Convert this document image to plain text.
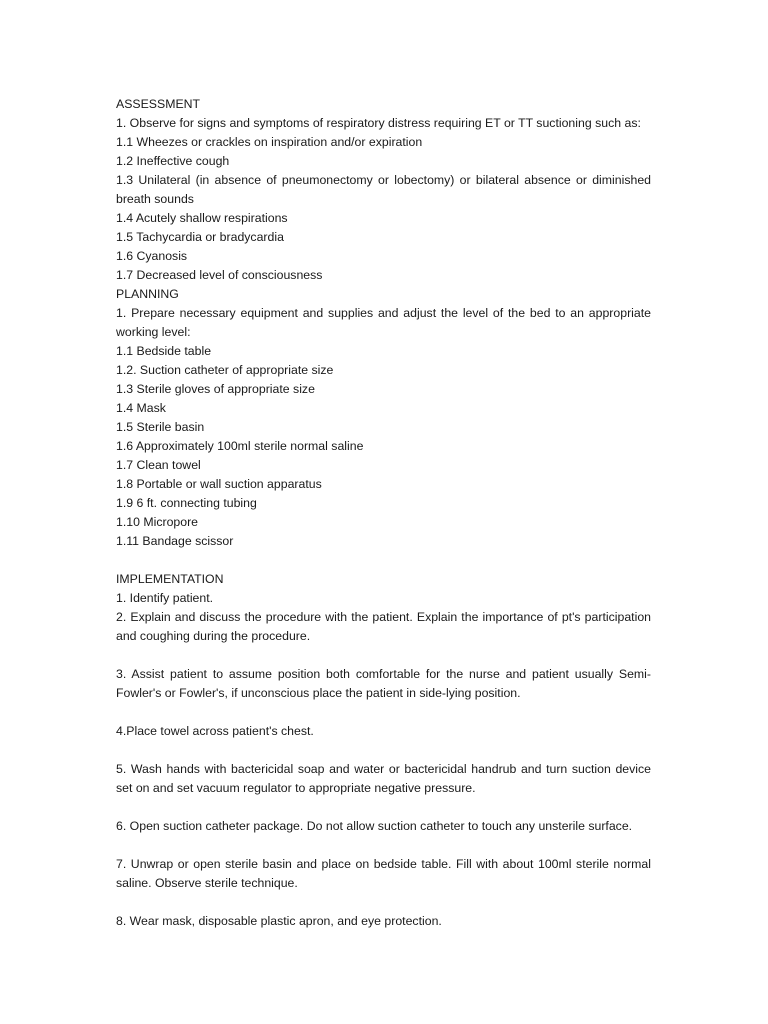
ASSESSMENT

1. Observe for signs and symptoms of respiratory distress requiring ET or TT suctioning such as:

1.1 Wheezes or crackles on inspiration and/or expiration

1.2 Ineffective cough

1.3 Unilateral (in absence of pneumonectomy or lobectomy) or bilateral absence or diminished breath sounds

1.4 Acutely shallow respirations

1.5 Tachycardia or bradycardia

1.6 Cyanosis

1.7 Decreased level of consciousness

PLANNING

1. Prepare necessary equipment and supplies and adjust the level of the bed to an appropriate working level:

1.1 Bedside table

1.2. Suction catheter of appropriate size

1.3 Sterile gloves of appropriate size

1.4 Mask

1.5 Sterile basin

1.6 Approximately 100ml sterile normal saline

1.7 Clean towel

1.8 Portable or wall suction apparatus

1.9 6 ft. connecting tubing

1.10 Micropore

1.11 Bandage scissor

IMPLEMENTATION

1. Identify patient.

2. Explain and discuss the procedure with the patient. Explain the importance of pt's participation and coughing during the procedure.

3. Assist patient to assume position both comfortable for the nurse and patient usually Semi-Fowler's or Fowler's, if unconscious place the patient in side-lying position.

4.Place towel across patient's chest.

5. Wash hands with bactericidal soap and water or bactericidal handrub and turn suction device set on and set vacuum regulator to appropriate negative pressure.

6. Open suction catheter package. Do not allow suction catheter to touch any unsterile surface.

7. Unwrap or open sterile basin and place on bedside table. Fill with about 100ml sterile normal saline. Observe sterile technique.

8. Wear mask, disposable plastic apron, and eye protection.
